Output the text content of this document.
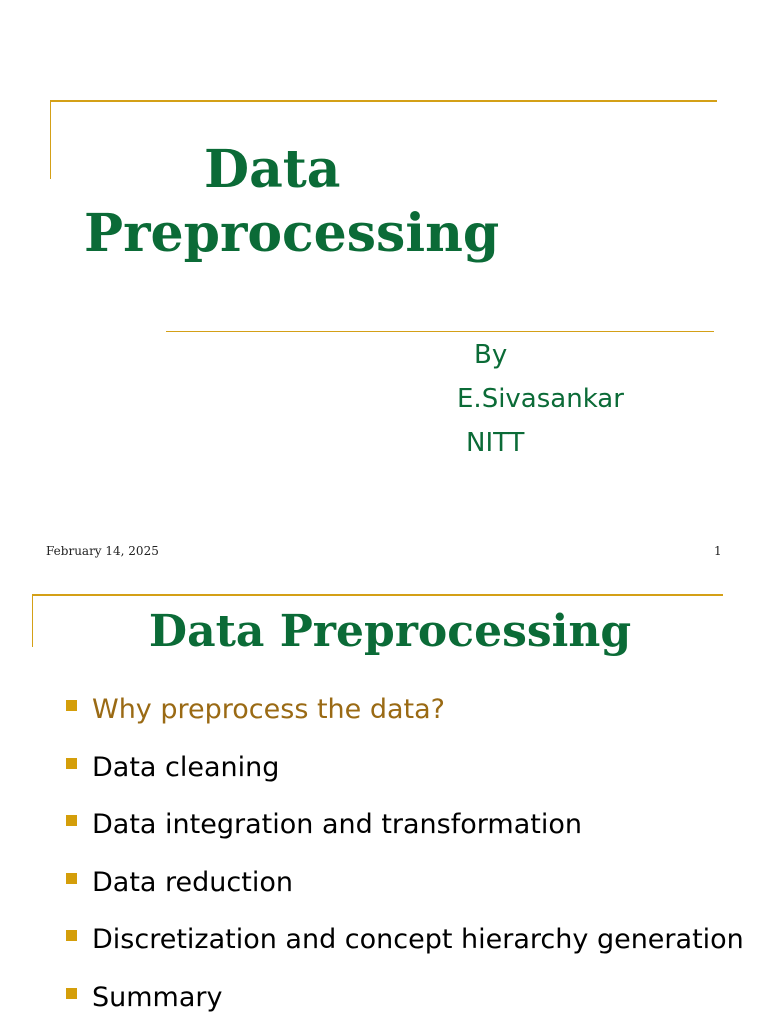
Data
Preprocessing
By
E.Sivasankar
NITT
February 14, 2025	1
Data Preprocessing
Why preprocess the data?
Data cleaning
Data integration and transformation
Data reduction
Discretization and concept hierarchy generation
Summary
